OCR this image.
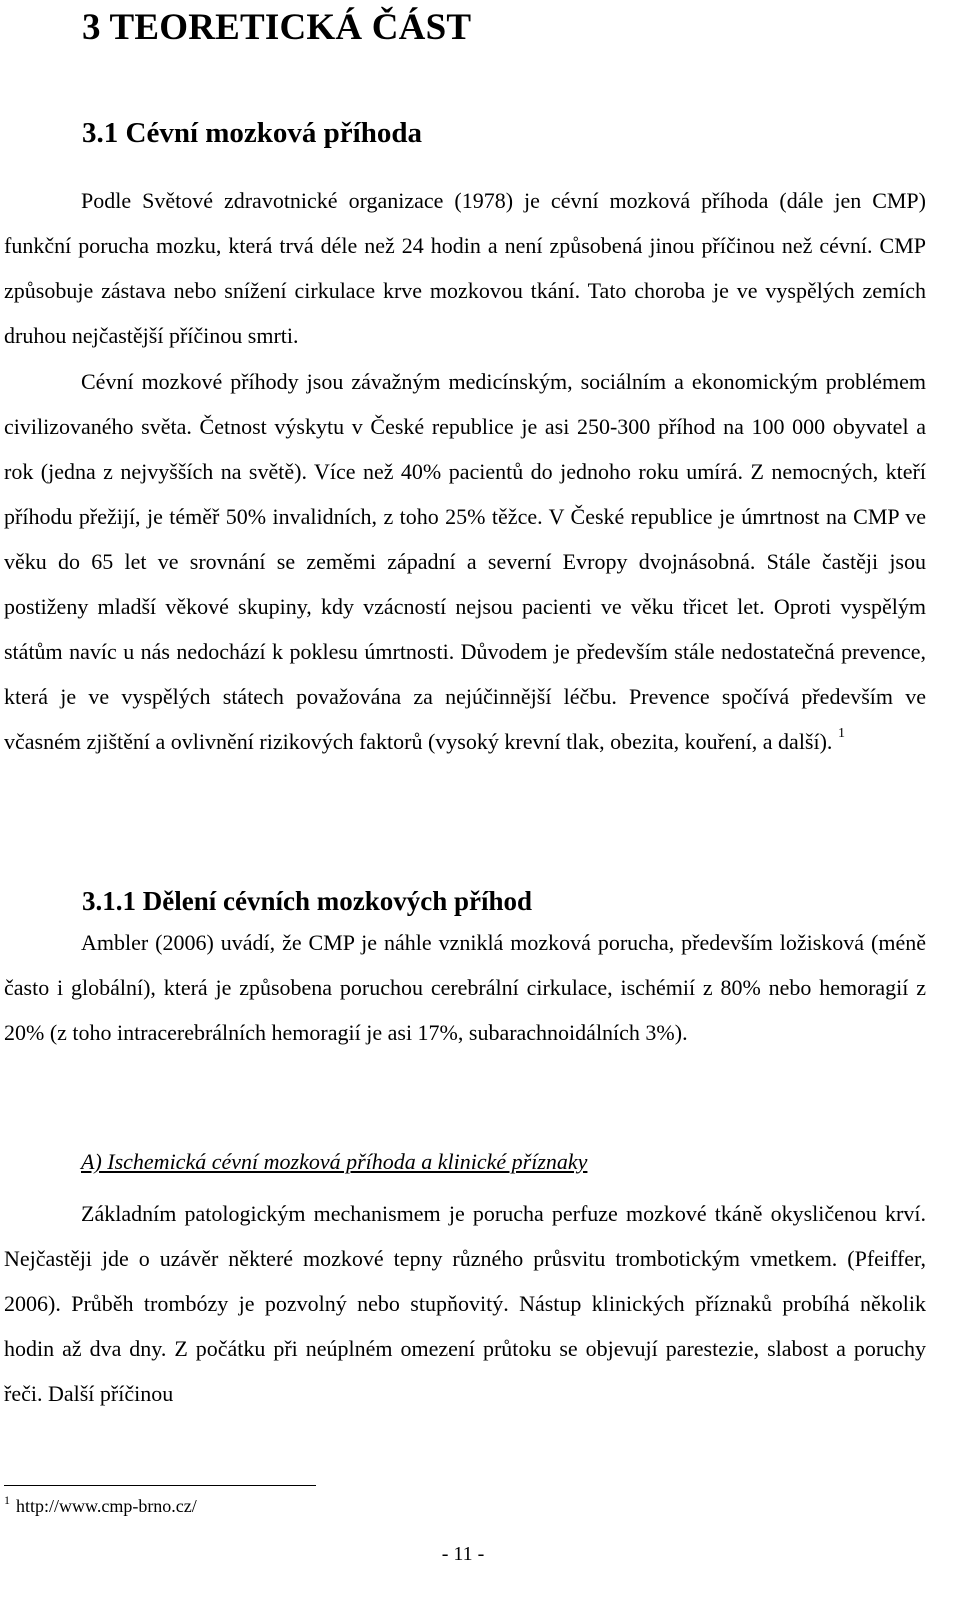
3 TEORETICKÁ ČÁST
3.1 Cévní mozková příhoda

Podle Světové zdravotnické organizace (1978) je cévní mozková příhoda (dále jen CMP) funkční porucha mozku, která trvá déle než 24 hodin a není způsobená jinou příčinou než cévní. CMP způsobuje zástava nebo snížení cirkulace krve mozkovou tkání. Tato choroba je ve vyspělých zemích druhou nejčastější příčinou smrti.

Cévní mozkové příhody jsou závažným medicínským, sociálním a ekonomickým problémem civilizovaného světa. Četnost výskytu v České republice je asi 250-300 příhod na 100 000 obyvatel a rok (jedna z nejvyšších na světě). Více než 40% pacientů do jednoho roku umírá. Z nemocných, kteří příhodu přežijí, je téměř 50% invalidních, z toho 25% těžce. V České republice je úmrtnost na CMP ve věku do 65 let ve srovnání se zeměmi západní a severní Evropy dvojnásobná. Stále častěji jsou postiženy mladší věkové skupiny, kdy vzácností nejsou pacienti ve věku třicet let. Oproti vyspělým státům navíc u nás nedochází k poklesu úmrtnosti. Důvodem je především stále nedostatečná prevence, která je ve vyspělých státech považována za nejúčinnější léčbu. Prevence spočívá především ve včasném zjištění a ovlivnění rizikových faktorů (vysoký krevní tlak, obezita, kouření, a další). $^1$

3.1.1 Dělení cévních mozkových příhod

Ambler (2006) uvádí, že CMP je náhle vzniklá mozková porucha, především ložisková (méně často i globální), která je způsobena poruchou cerebrální cirkulace, ischémií z 80% nebo hemoragií z 20% (z toho intracerebrálních hemoragií je asi 17%, subarachnoidálních 3%).

A) Ischemická cévní mozková příhoda a klinické příznaky

Základním patologickým mechanismem je porucha perfuze mozkové tkáně okysličenou krví. Nejčastěji jde o uzávěr některé mozkové tepny různého průsvitu trombotickým vmetkem. (Pfeiffer, 2006). Průběh trombózy je pozvolný nebo stupňovitý. Nástup klinických příznaků probíhá několik hodin až dva dny. Z počátku při neúplném omezení průtoku se objevují parestezie, slabost a poruchy řeči. Další příčinou

$^1$ http://www.cmp-brno.cz/
- 11 -
